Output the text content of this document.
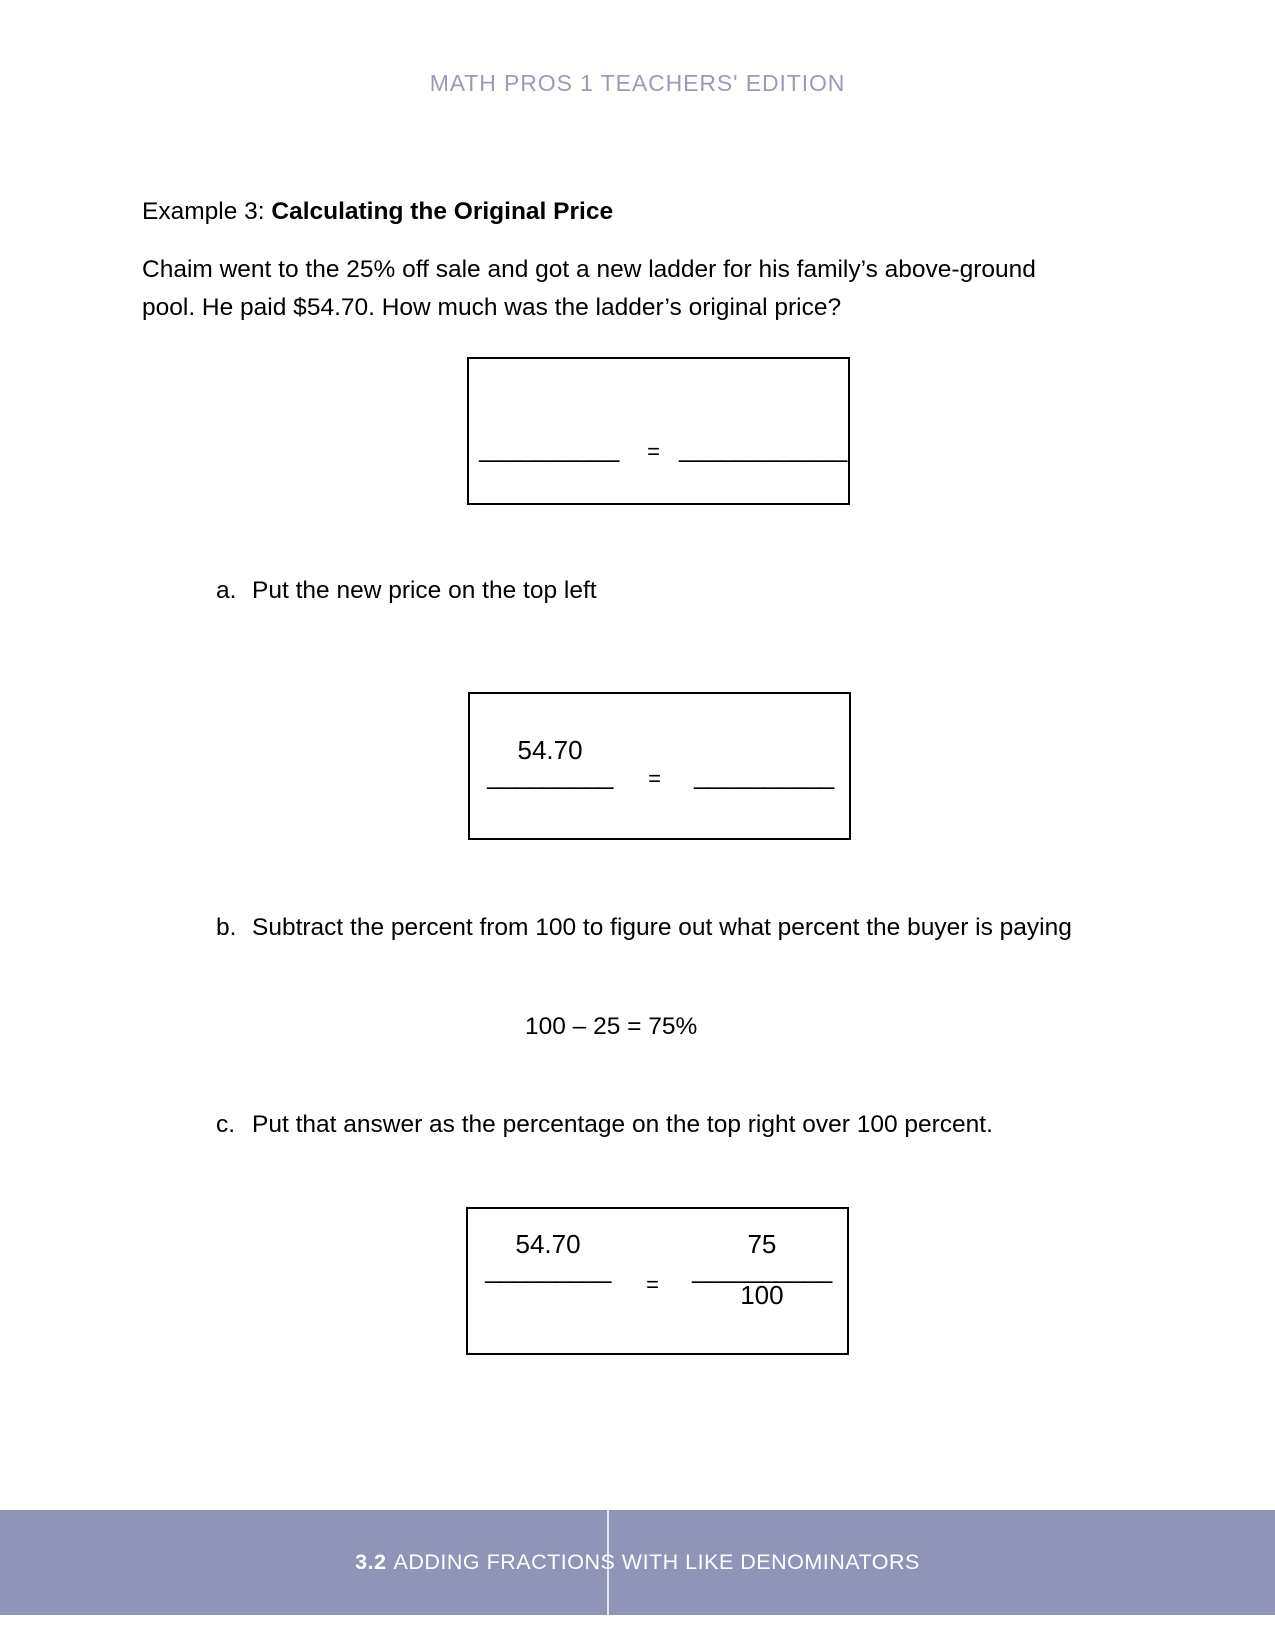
MATH PROS 1 TEACHERS' EDITION

Example 3: Calculating the Original Price

Chaim went to the 25% off sale and got a new ladder for his family’s above-ground pool. He paid $54.70. How much was the ladder’s original price?

__________ = ____________
a. Put the new price on the top left
54.70
_________ = __________
b. Subtract the percent from 100 to figure out what percent the buyer is paying
100 – 25 = 75%
c. Put that answer as the percentage on the top right over 100 percent.
54.70
_________
=
75
__________
100
3.2 ADDING FRACTIONS WITH LIKE DENOMINATORS
